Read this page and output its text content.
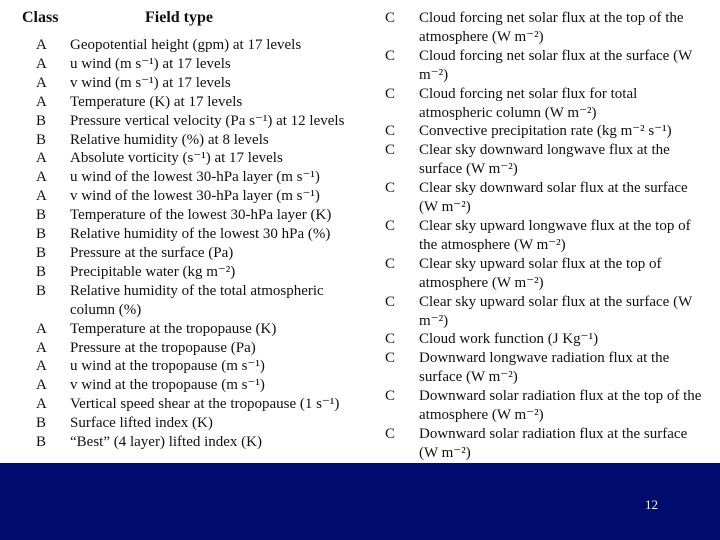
Class	Field type
A Geopotential height (gpm) at 17 levels
A u wind (m s⁻¹) at 17 levels
A v wind (m s⁻¹) at 17 levels
A Temperature (K) at 17 levels
B Pressure vertical velocity (Pa s⁻¹) at 12 levels
B Relative humidity (%) at 8 levels
A Absolute vorticity (s⁻¹) at 17 levels
A u wind of the lowest 30-hPa layer (m s⁻¹)
A v wind of the lowest 30-hPa layer (m s⁻¹)
B Temperature of the lowest 30-hPa layer (K)
B Relative humidity of the lowest 30 hPa (%)
B Pressure at the surface (Pa)
B Precipitable water (kg m⁻²)
B Relative humidity of the total atmospheric column (%)
A Temperature at the tropopause (K)
A Pressure at the tropopause (Pa)
A u wind at the tropopause (m s⁻¹)
A v wind at the tropopause (m s⁻¹)
A Vertical speed shear at the tropopause (1 s⁻¹)
B Surface lifted index (K)
B “Best” (4 layer) lifted index (K)
C Cloud forcing net solar flux at the top of the atmosphere (W m⁻²)
C Cloud forcing net solar flux at the surface (W m⁻²)
C Cloud forcing net solar flux for total atmospheric column (W m⁻²)
C Convective precipitation rate (kg m⁻² s⁻¹)
C Clear sky downward longwave flux at the surface (W m⁻²)
C Clear sky downward solar flux at the surface (W m⁻²)
C Clear sky upward longwave flux at the top of the atmosphere (W m⁻²)
C Clear sky upward solar flux at the top of atmosphere (W m⁻²)
C Clear sky upward solar flux at the surface (W m⁻²)
C Cloud work function (J Kg⁻¹)
C Downward longwave radiation flux at the surface (W m⁻²)
C Downward solar radiation flux at the top of the atmosphere (W m⁻²)
C Downward solar radiation flux at the surface (W m⁻²)
12
